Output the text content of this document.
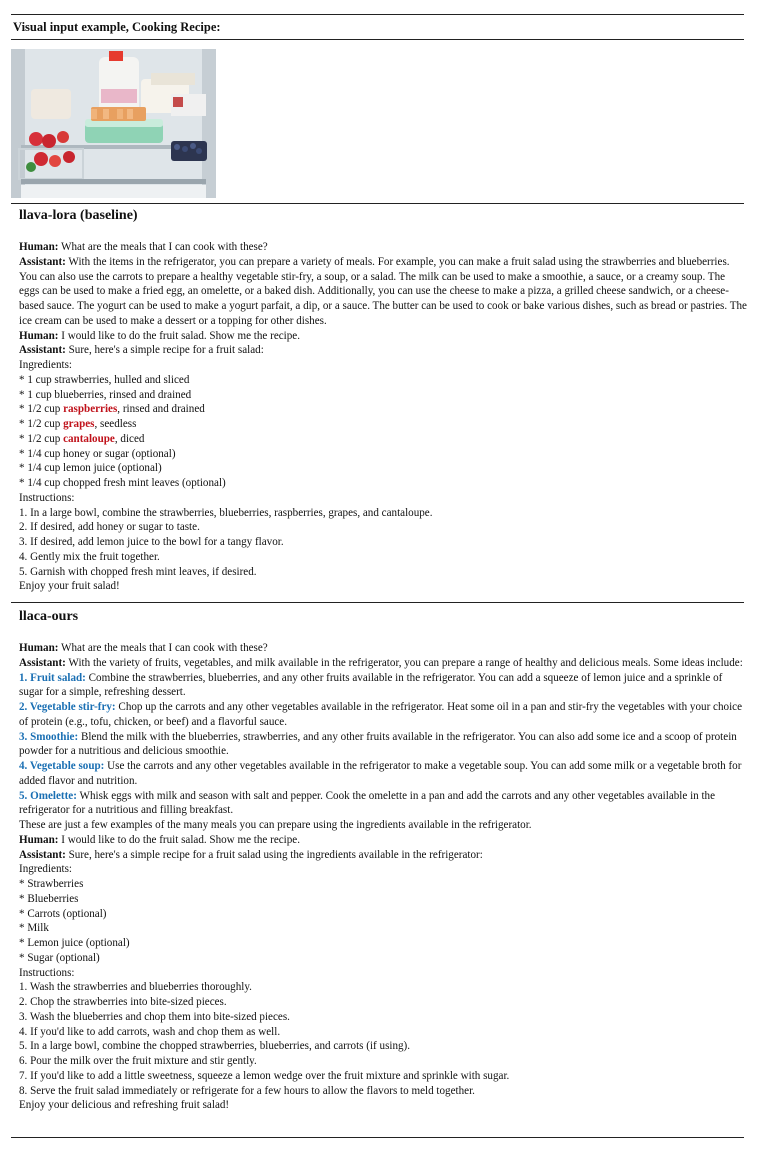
Visual input example, Cooking Recipe:
llava-lora (baseline)
Human: What are the meals that I can cook with these?
Assistant: With the items in the refrigerator, you can prepare a variety of meals. For example, you can make a fruit salad using the strawberries and blueberries. You can also use the carrots to prepare a healthy vegetable stir-fry, a soup, or a salad. The milk can be used to make a smoothie, a sauce, or a creamy soup. The eggs can be used to make a fried egg, an omelette, or a baked dish. Additionally, you can use the cheese to make a pizza, a grilled cheese sandwich, or a cheese-based sauce. The yogurt can be used to make a yogurt parfait, a dip, or a sauce. The butter can be used to cook or bake various dishes, such as bread or pastries. The ice cream can be used to make a dessert or a topping for other dishes.
Human: I would like to do the fruit salad. Show me the recipe.
Assistant: Sure, here's a simple recipe for a fruit salad:
Ingredients:
* 1 cup strawberries, hulled and sliced
* 1 cup blueberries, rinsed and drained
* 1/2 cup raspberries, rinsed and drained
* 1/2 cup grapes, seedless
* 1/2 cup cantaloupe, diced
* 1/4 cup honey or sugar (optional)
* 1/4 cup lemon juice (optional)
* 1/4 cup chopped fresh mint leaves (optional)
Instructions:
1. In a large bowl, combine the strawberries, blueberries, raspberries, grapes, and cantaloupe.
2. If desired, add honey or sugar to taste.
3. If desired, add lemon juice to the bowl for a tangy flavor.
4. Gently mix the fruit together.
5. Garnish with chopped fresh mint leaves, if desired.
Enjoy your fruit salad!
llaca-ours
Human: What are the meals that I can cook with these?
Assistant: With the variety of fruits, vegetables, and milk available in the refrigerator, you can prepare a range of healthy and delicious meals. Some ideas include:
1. Fruit salad: Combine the strawberries, blueberries, and any other fruits available in the refrigerator. You can add a squeeze of lemon juice and a sprinkle of sugar for a simple, refreshing dessert.
2. Vegetable stir-fry: Chop up the carrots and any other vegetables available in the refrigerator. Heat some oil in a pan and stir-fry the vegetables with your choice of protein (e.g., tofu, chicken, or beef) and a flavorful sauce.
3. Smoothie: Blend the milk with the blueberries, strawberries, and any other fruits available in the refrigerator. You can also add some ice and a scoop of protein powder for a nutritious and delicious smoothie.
4. Vegetable soup: Use the carrots and any other vegetables available in the refrigerator to make a vegetable soup. You can add some milk or a vegetable broth for added flavor and nutrition.
5. Omelette: Whisk eggs with milk and season with salt and pepper. Cook the omelette in a pan and add the carrots and any other vegetables available in the refrigerator for a nutritious and filling breakfast.
These are just a few examples of the many meals you can prepare using the ingredients available in the refrigerator.
Human: I would like to do the fruit salad. Show me the recipe.
Assistant: Sure, here's a simple recipe for a fruit salad using the ingredients available in the refrigerator:
Ingredients:
* Strawberries
* Blueberries
* Carrots (optional)
* Milk
* Lemon juice (optional)
* Sugar (optional)
Instructions:
1. Wash the strawberries and blueberries thoroughly.
2. Chop the strawberries into bite-sized pieces.
3. Wash the blueberries and chop them into bite-sized pieces.
4. If you'd like to add carrots, wash and chop them as well.
5. In a large bowl, combine the chopped strawberries, blueberries, and carrots (if using).
6. Pour the milk over the fruit mixture and stir gently.
7. If you'd like to add a little sweetness, squeeze a lemon wedge over the fruit mixture and sprinkle with sugar.
8. Serve the fruit salad immediately or refrigerate for a few hours to allow the flavors to meld together.
Enjoy your delicious and refreshing fruit salad!
